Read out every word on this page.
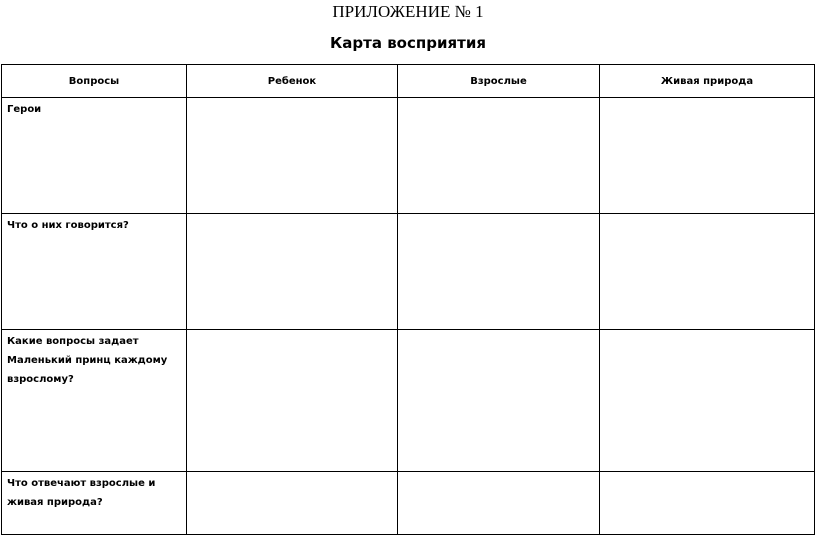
ПРИЛОЖЕНИЕ № 1
Карта восприятия
Вопросы	Ребенок	Взрослые	Живая природа
Герои			
Что о них говорится?			
Какие вопросы задает Маленький принц каждому взрослому?			
Что отвечают взрослые и живая природа?			
